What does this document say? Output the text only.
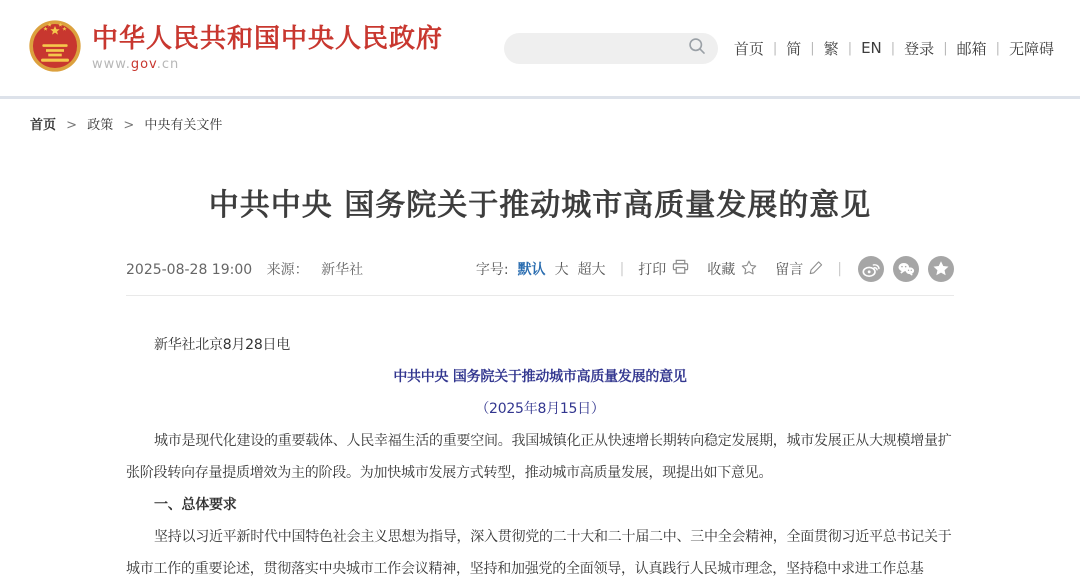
中华人民共和国中央人民政府
www.gov.cn
首页 | 简 | 繁 | EN | 登录 | 邮箱 | 无障碍
首页 > 政策 > 中央有关文件
中共中央 国务院关于推动城市高质量发展的意见
2025-08-28 19:00 来源： 新华社	字号: 默认 大 超大 | 打印	收藏	留言 |

新华社北京8月28日电

中共中央 国务院关于推动城市高质量发展的意见

（2025年8月15日）

城市是现代化建设的重要载体、人民幸福生活的重要空间。我国城镇化正从快速增长期转向稳定发展期，城市发展正从大规模增量扩张阶段转向存量提质增效为主的阶段。为加快城市发展方式转型，推动城市高质量发展，现提出如下意见。

一、总体要求

坚持以习近平新时代中国特色社会主义思想为指导，深入贯彻党的二十大和二十届二中、三中全会精神，全面贯彻习近平总书记关于城市工作的重要论述，贯彻落实中央城市工作会议精神，坚持和加强党的全面领导，认真践行人民城市理念，坚持稳中求进工作总基
